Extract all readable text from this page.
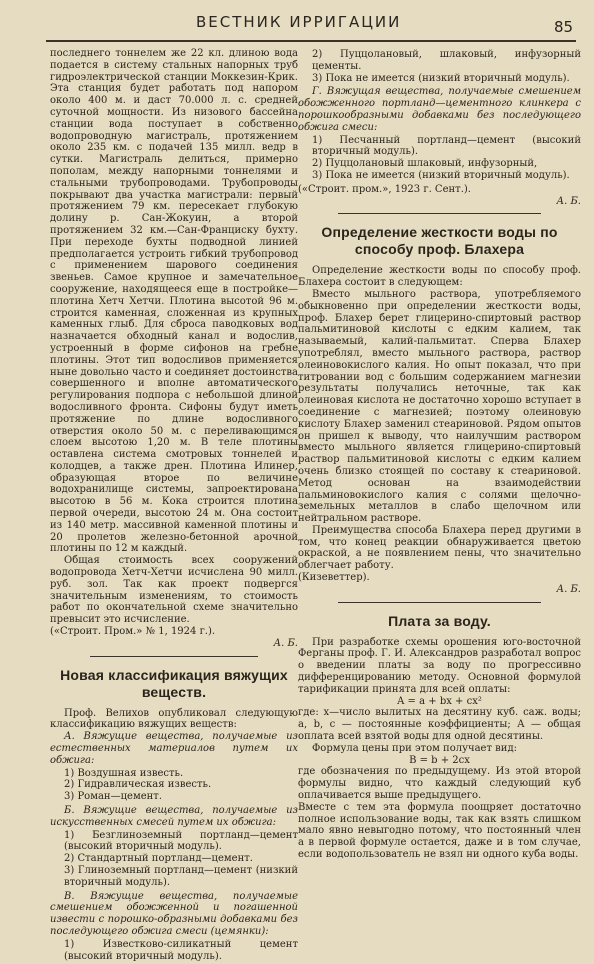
ВЕСТНИК ИРРИГАЦИИ	85

последнего тоннелем же 22 кл. длиною вода подается в систему стальных напорных труб гидроэлектрической станции Моккезин-Крик. Эта станция будет работать под напором около 400 м. и даст 70.000 л. с. средней суточной мощности. Из низового бассейна станции вода поступает в собственно водопроводную магистраль, протяжением около 235 км. с подачей 135 милл. ведр в сутки. Магистраль делиться, примерно пополам, между напорными тоннелями и стальными трубопроводами. Трубопроводы покрывают два участка магистрали: первый протяжением 79 км. пересекает глубокую долину р. Сан-Жокуин, а второй протяжением 32 км.—Сан-Франциску бухту. При переходе бухты подводной линией предполагается устроить гибкий трубопровод с применением шарового соединения звеньев. Самое крупное и замечательное сооружение, находящееся еще в постройке—плотина Хетч Хетчи. Плотина высотой 96 м. строится каменная, сложенная из крупных каменных глыб. Для сброса паводковых вод назначается обходный канал и водослив, устроенный в форме сифонов на гребне плотины. Этот тип водосливов применяется ныне довольно часто и соединяет достоинства совершенного и вполне автоматического регулирования подпора с небольшой длиной водосливного фронта. Сифоны будут иметь протяжение по длине водосливного отверстия около 50 м. с переливающимся слоем высотою 1,20 м. В теле плотины оставлена система смотровых тоннелей и колодцев, а также дрен. Плотина Илинер, образующая второе по величине водохранилище системы, запроектирована высотою в 56 м. Кока строится плотина первой очереди, высотою 24 м. Она состоит из 140 метр. массивной каменной плотины и 20 пролетов железно-бетонной арочной плотины по 12 м каждый.

Общая стоимость всех сооружений водопровода Хетч-Хетчи исчислена 90 милл. руб. зол. Так как проект подвергся значительным изменениям, то стоимость работ по окончательной схеме значительно превысит это исчисление.

(«Строит. Пром.» № 1, 1924 г.).

А. Б.

Новая классификация вяжущих веществ.

Проф. Велихов опубликовал следующую классификацию вяжущих веществ:

А. Вяжущие вещества, получаемые из естественных материалов путем их обжига:

1) Воздушная известь.

2) Гидравлическая известь.

3) Роман—цемент.

Б. Вяжущие вещества, получаемые из искусственных смесей путем их обжига:

1) Безглиноземный портланд—цемент (высокий вторичный модуль).

2) Стандартный портланд—цемент.

3) Глиноземный портланд—цемент (низкий вторичный модуль).

В. Вяжущие вещества, получаемые смешением обожженной и погашенной извести с порошко-образными добавками без последующего обжига смеси (цемянки):

1) Известково-силикатный цемент (высокий вторичный модуль).

2) Пуццолановый, шлаковый, инфузорный цементы.

3) Пока не имеется (низкий вторичный модуль).

Г. Вяжущая вещества, получаемые смешением обожженного портланд—цементного клинкера с порошкообразными добавками без последующего обжига смеси:

1) Песчанный портланд—цемент (высокий вторичный модуль).

2) Пуццолановый шлаковый, инфузорный,

3) Пока не имеется (низкий вторичный модуль).

(«Строит. пром.», 1923 г. Сент.).

А. Б.

Определение жесткости воды по способу проф. Блахера

Определение жесткости воды по способу проф. Блахера состоит в следующем:

Вместо мыльного раствора, употребляемого обыкновенно при определении жесткости воды, проф. Блахер берет глицерино-спиртовый раствор пальмитиновой кислоты с едким калием, так называемый, калий-пальмитат. Сперва Блахер употреблял, вместо мыльного раствора, раствор олеиновокислого калия. Но опыт показал, что при титровании вод с большим содержанием магнезии результаты получались неточные, так как олеиновая кислота не достаточно хорошо вступает в соединение с магнезией; поэтому олеиновую кислоту Блахер заменил стеариновой. Рядом опытов он пришел к выводу, что наилучшим раствором вместо мыльного является глицерино-спиртовый раствор пальмитиновой кислоты с едким калием очень близко стоящей по составу к стеариновой. Метод основан на взаимодействии пальминовокислого калия с солями щелочно-земельных металлов в слабо щелочном или нейтральном растворе.

Преимущества способа Блахера перед другими в том, что конец реакции обнаруживается цветою окраской, а не появлением пены, что значительно облегчает работу.

(Кизеветтер).

А. Б.

Плата за воду.

При разработке схемы орошения юго-восточной Ферганы проф. Г. И. Александров разработал вопрос о введении платы за воду по прогрессивно дифференцированию методу. Основной формулой тарификации принята для всей оплаты:

A = a + bx + cx²

где: x—число вылитых на десятину куб. саж. воды; a, b, c — постоянные коэффициенты; A — общая оплата всей взятой воды для одной десятины.

Формула цены при этом получает вид:

B = b + 2cx

где обозначения по предыдущему. Из этой второй формулы видно, что каждый следующий куб оплачивается выше предыдущего.

Вместе с тем эта формула поощряет достаточно полное использование воды, так как взять слишком мало явно невыгодно потому, что постоянный член a в первой формуле остается, даже и в том случае, если водопользователь не взял ни одного куба воды.
